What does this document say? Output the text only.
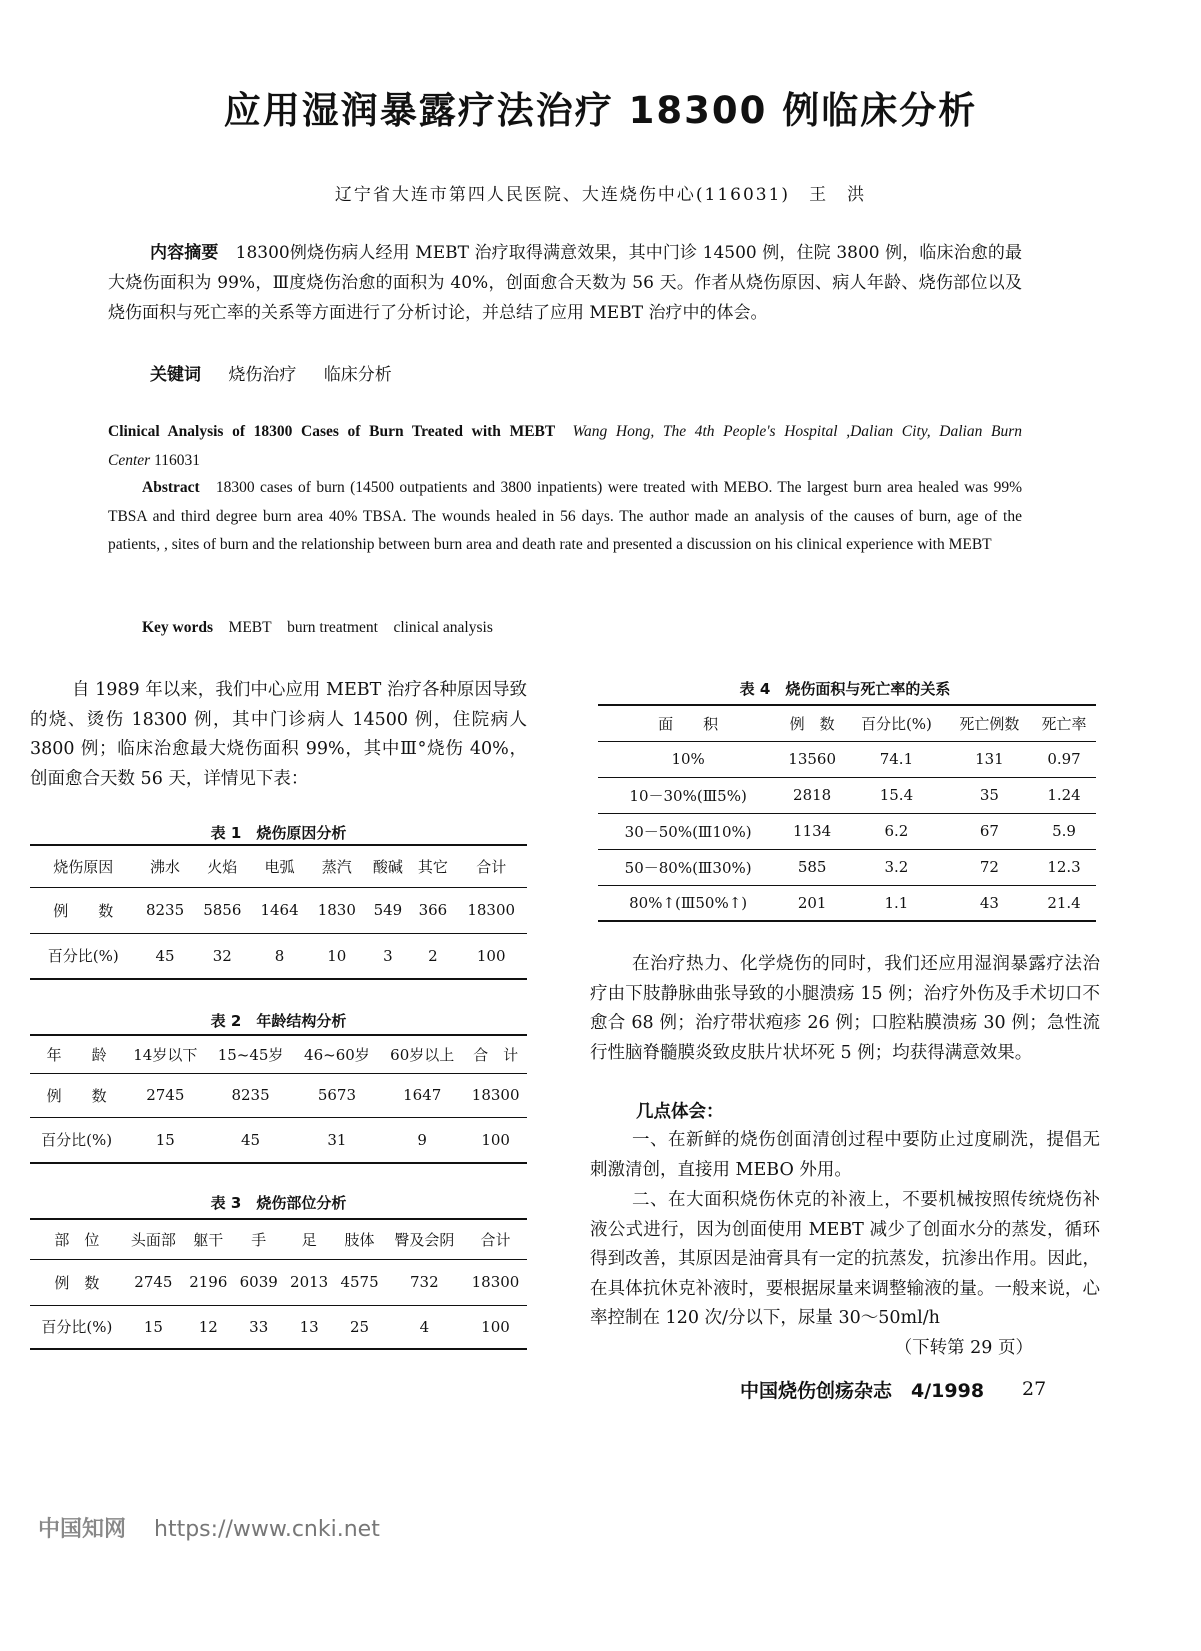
应用湿润暴露疗法治疗 18300 例临床分析
辽宁省大连市第四人民医院、大连烧伤中心(116031)　王　洪
内容摘要　 18300例烧伤病人经用 MEBT 治疗取得满意效果，其中门诊 14500 例，住院 3800 例，临床治愈的最大烧伤面积为 99%，Ⅲ度烧伤治愈的面积为 40%，创面愈合天数为 56 天。作者从烧伤原因、病人年龄、烧伤部位以及烧伤面积与死亡率的关系等方面进行了分析讨论，并总结了应用 MEBT 治疗中的体会。
关键词 烧伤治疗 临床分析
Clinical Analysis of 18300 Cases of Burn Treated with MEBT Wang Hong, The 4th People's Hospital ,Dalian City, Dalian Burn Center 116031
Abstract 18300 cases of burn (14500 outpatients and 3800 inpatients) were treated with MEBO. The largest burn area healed was 99% TBSA and third degree burn area 40% TBSA. The wounds healed in 56 days. The author made an analysis of the causes of burn, age of the patients, , sites of burn and the relationship between burn area and death rate and presented a discussion on his clinical experience with MEBT
Key words MEBT burn treatment clinical analysis
自 1989 年以来，我们中心应用 MEBT 治疗各种原因导致的烧、烫伤 18300 例，其中门诊病人 14500 例，住院病人 3800 例；临床治愈最大烧伤面积 99%，其中Ⅲ°烧伤 40%，创面愈合天数 56 天，详情见下表：
表 1　烧伤原因分析
烧伤原因	沸水	火焰	电弧	蒸汽	酸碱	其它	合计
例　　数	8235	5856	1464	1830	549	366	18300
百分比(%)	45	32	8	10	3	2	100
表 2　年龄结构分析
年　　龄	14岁以下	15~45岁	46~60岁	60岁以上	合　计
例　　数	2745	8235	5673	1647	18300
百分比(%)	15	45	31	9	100
表 3　烧伤部位分析
部　位	头面部	躯干	手	足	肢体	臀及会阴	合计
例　数	2745	2196	6039	2013	4575	732	18300
百分比(%)	15	12	33	13	25	4	100
表 4　烧伤面积与死亡率的关系
面　　积	例　数	百分比(%)	死亡例数	死亡率
10%	13560	74.1	131	0.97
10－30%(Ⅲ5%)	2818	15.4	35	1.24
30－50%(Ⅲ10%)	1134	6.2	67	5.9
50－80%(Ⅲ30%)	585	3.2	72	12.3
80%↑(Ⅲ50%↑)	201	1.1	43	21.4
在治疗热力、化学烧伤的同时，我们还应用湿润暴露疗法治疗由下肢静脉曲张导致的小腿溃疡 15 例；治疗外伤及手术切口不愈合 68 例；治疗带状疱疹 26 例；口腔粘膜溃疡 30 例；急性流行性脑脊髓膜炎致皮肤片状坏死 5 例；均获得满意效果。
几点体会：
一、在新鲜的烧伤创面清创过程中要防止过度刷洗，提倡无刺激清创，直接用 MEBO 外用。
二、在大面积烧伤休克的补液上，不要机械按照传统烧伤补液公式进行，因为创面使用 MEBT 减少了创面水分的蒸发，循环得到改善，其原因是油膏具有一定的抗蒸发，抗渗出作用。因此，在具体抗休克补液时，要根据尿量来调整输液的量。一般来说，心率控制在 120 次/分以下，尿量 30～50ml/h
（下转第 29 页）
中国烧伤创疡杂志　4/1998 27
中国知网 https://www.cnki.net
